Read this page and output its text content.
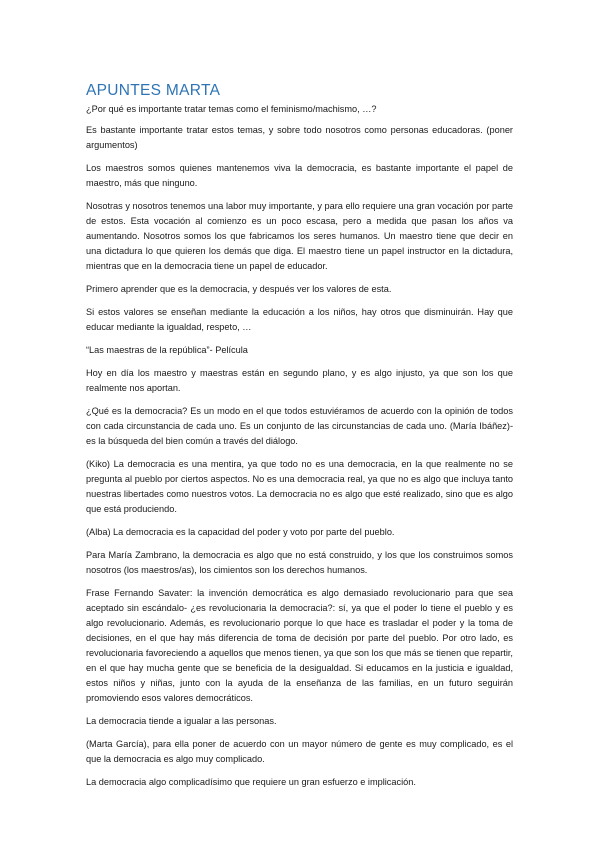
APUNTES MARTA

¿Por qué es importante tratar temas como el feminismo/machismo, …?

Es bastante importante tratar estos temas, y sobre todo nosotros como personas educadoras. (poner argumentos)

Los maestros somos quienes mantenemos viva la democracia, es bastante importante el papel de maestro, más que ninguno.

Nosotras y nosotros tenemos una labor muy importante, y para ello requiere una gran vocación por parte de estos. Esta vocación al comienzo es un poco escasa, pero a medida que pasan los años va aumentando. Nosotros somos los que fabricamos los seres humanos. Un maestro tiene que decir en una dictadura lo que quieren los demás que diga. El maestro tiene un papel instructor en la dictadura, mientras que en la democracia tiene un papel de educador.

Primero aprender que es la democracia, y después ver los valores de esta.

Si estos valores se enseñan mediante la educación a los niños, hay otros que disminuirán. Hay que educar mediante la igualdad, respeto, …

“Las maestras de la república”- Película

Hoy en día los maestro y maestras están en segundo plano, y es algo injusto, ya que son los que realmente nos aportan.

¿Qué es la democracia? Es un modo en el que todos estuviéramos de acuerdo con la opinión de todos con cada circunstancia de cada uno. Es un conjunto de las circunstancias de cada uno. (María Ibáñez)- es la búsqueda del bien común a través del diálogo.

(Kiko) La democracia es una mentira, ya que todo no es una democracia, en la que realmente no se pregunta al pueblo por ciertos aspectos. No es una democracia real, ya que no es algo que incluya tanto nuestras libertades como nuestros votos. La democracia no es algo que esté realizado, sino que es algo que está produciendo.

(Alba) La democracia es la capacidad del poder y voto por parte del pueblo.

Para María Zambrano, la democracia es algo que no está construido, y los que los construimos somos nosotros (los maestros/as), los cimientos son los derechos humanos.

Frase Fernando Savater: la invención democrática es algo demasiado revolucionario para que sea aceptado sin escándalo- ¿es revolucionaria la democracia?: sí, ya que el poder lo tiene el pueblo y es algo revolucionario. Además, es revolucionario porque lo que hace es trasladar el poder y la toma de decisiones, en el que hay más diferencia de toma de decisión por parte del pueblo. Por otro lado, es revolucionaria favoreciendo a aquellos que menos tienen, ya que son los que más se tienen que repartir, en el que hay mucha gente que se beneficia de la desigualdad. Si educamos en la justicia e igualdad, estos niños y niñas, junto con la ayuda de la enseñanza de las familias, en un futuro seguirán promoviendo esos valores democráticos.

La democracia tiende a igualar a las personas.

(Marta García), para ella poner de acuerdo con un mayor número de gente es muy complicado, es el que la democracia es algo muy complicado.

La democracia algo complicadísimo que requiere un gran esfuerzo e implicación.
